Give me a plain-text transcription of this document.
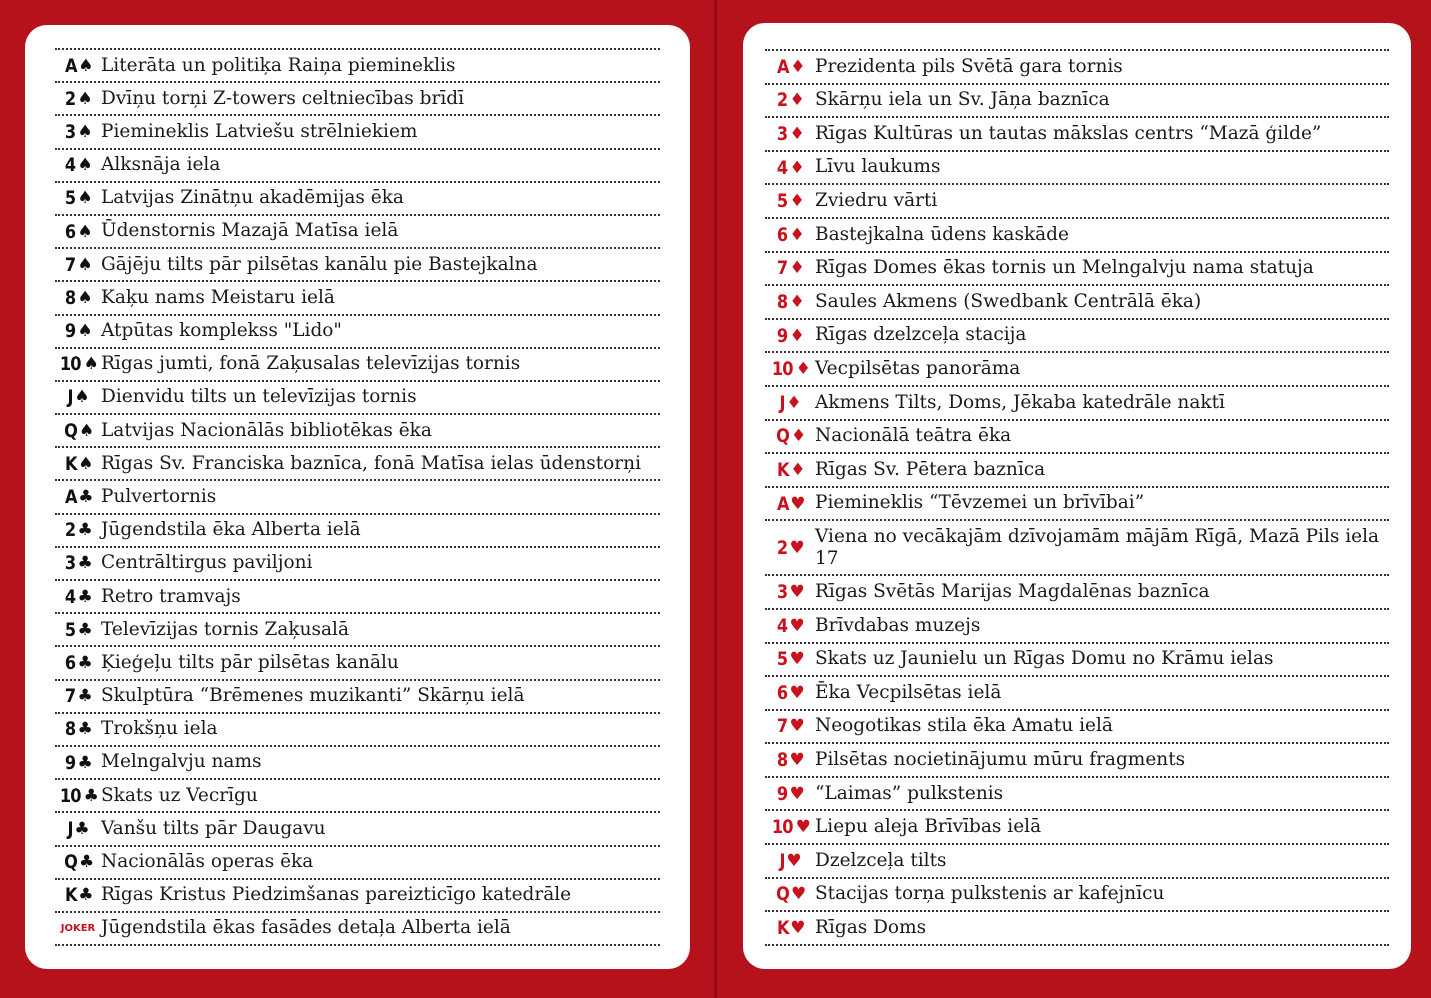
A ♠ Literāta un politiķa Raiņa piemineklis
2 ♠ Dvīņu torņi Z-towers celtniecības brīdī
3 ♠ Piemineklis Latviešu strēlniekiem
4 ♠ Alksnāja iela
5 ♠ Latvijas Zinātņu akadēmijas ēka
6 ♠ Ūdenstornis Mazajā Matīsa ielā
7 ♠ Gājēju tilts pār pilsētas kanālu pie Bastejkalna
8 ♠ Kaķu nams Meistaru ielā
9 ♠ Atpūtas komplekss "Lido"
10 ♠ Rīgas jumti, fonā Zaķusalas televīzijas tornis
J ♠ Dienvidu tilts un televīzijas tornis
Q ♠ Latvijas Nacionālās bibliotēkas ēka
K ♠ Rīgas Sv. Franciska baznīca, fonā Matīsa ielas ūdenstorņi
A ♣ Pulvertornis
2 ♣ Jūgendstila ēka Alberta ielā
3 ♣ Centrāltirgus paviljoni
4 ♣ Retro tramvajs
5 ♣ Televīzijas tornis Zaķusalā
6 ♣ Ķieģeļu tilts pār pilsētas kanālu
7 ♣ Skulptūra “Brēmenes muzikanti” Skārņu ielā
8 ♣ Trokšņu iela
9 ♣ Melngalvju nams
10 ♣ Skats uz Vecrīgu
J ♣ Vanšu tilts pār Daugavu
Q ♣ Nacionālās operas ēka
K ♣ Rīgas Kristus Piedzimšanas pareizticīgo katedrāle
JOKER Jūgendstila ēkas fasādes detaļa Alberta ielā
A ♦ Prezidenta pils Svētā gara tornis
2 ♦ Skārņu iela un Sv. Jāņa baznīca
3 ♦ Rīgas Kultūras un tautas mākslas centrs “Mazā ģilde”
4 ♦ Līvu laukums
5 ♦ Zviedru vārti
6 ♦ Bastejkalna ūdens kaskāde
7 ♦ Rīgas Domes ēkas tornis un Melngalvju nama statuja
8 ♦ Saules Akmens (Swedbank Centrālā ēka)
9 ♦ Rīgas dzelzceļa stacija
10 ♦ Vecpilsētas panorāma
J ♦ Akmens Tilts, Doms, Jēkaba katedrāle naktī
Q ♦ Nacionālā teātra ēka
K ♦ Rīgas Sv. Pētera baznīca
A ♥ Piemineklis “Tēvzemei un brīvībai”
2 ♥
Viena no vecākajām dzīvojamām mājām Rīgā, Mazā Pils iela 17
3 ♥ Rīgas Svētās Marijas Magdalēnas baznīca
4 ♥ Brīvdabas muzejs
5 ♥ Skats uz Jaunielu un Rīgas Domu no Krāmu ielas
6 ♥ Ēka Vecpilsētas ielā
7 ♥ Neogotikas stila ēka Amatu ielā
8 ♥ Pilsētas nocietinājumu mūru fragments
9 ♥ “Laimas” pulkstenis
10 ♥ Liepu aleja Brīvības ielā
J ♥ Dzelzceļa tilts
Q ♥ Stacijas torņa pulkstenis ar kafejnīcu
K ♥ Rīgas Doms
